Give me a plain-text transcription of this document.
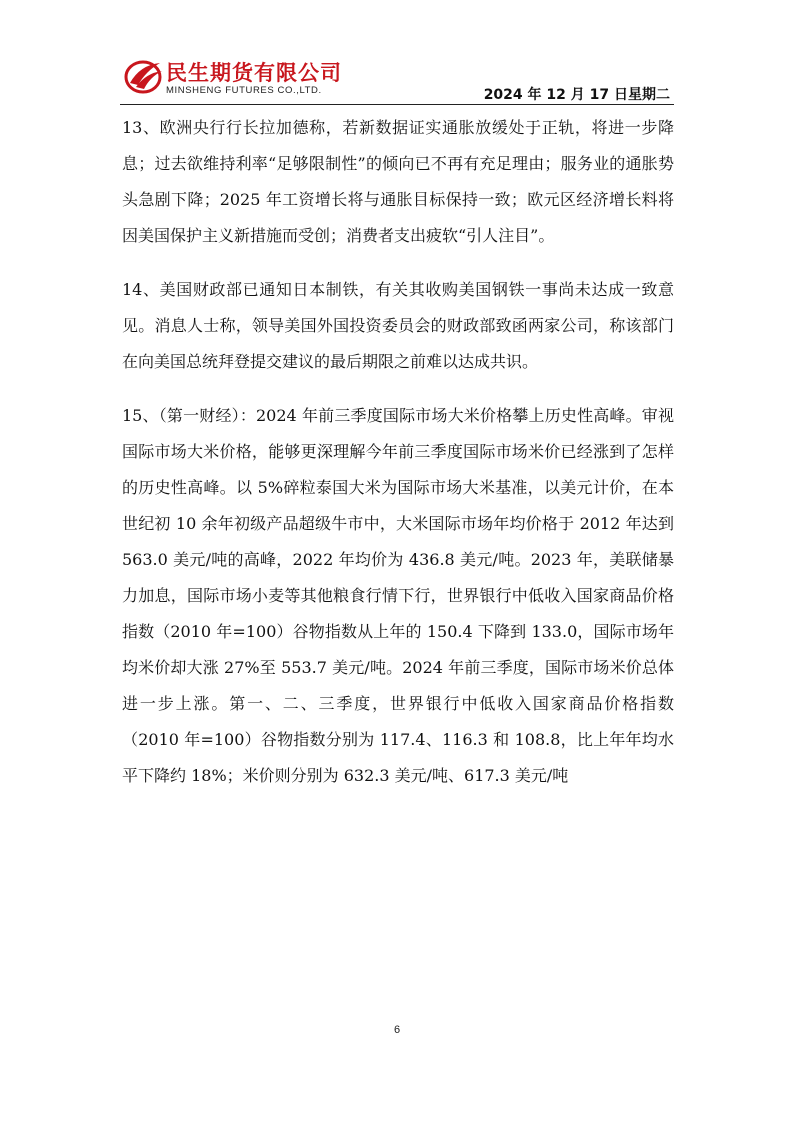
民生期货有限公司
MINSHENG FUTURES CO.,LTD.	2024 年 12 月 17 日星期二

13、欧洲央行行长拉加德称，若新数据证实通胀放缓处于正轨，将进一步降息；过去欲维持利率“足够限制性”的倾向已不再有充足理由；服务业的通胀势头急剧下降；2025 年工资增长将与通胀目标保持一致；欧元区经济增长料将因美国保护主义新措施而受创；消费者支出疲软“引人注目”。

14、美国财政部已通知日本制铁，有关其收购美国钢铁一事尚未达成一致意见。消息人士称，领导美国外国投资委员会的财政部致函两家公司，称该部门在向美国总统拜登提交建议的最后期限之前难以达成共识。

15、（第一财经）：2024 年前三季度国际市场大米价格攀上历史性高峰。审视国际市场大米价格，能够更深理解今年前三季度国际市场米价已经涨到了怎样的历史性高峰。以 5%碎粒泰国大米为国际市场大米基准，以美元计价，在本世纪初 10 余年初级产品超级牛市中，大米国际市场年均价格于 2012 年达到 563.0 美元/吨的高峰，2022 年均价为 436.8 美元/吨。2023 年，美联储暴力加息，国际市场小麦等其他粮食行情下行，世界银行中低收入国家商品价格指数（2010 年=100）谷物指数从上年的 150.4 下降到 133.0，国际市场年均米价却大涨 27%至 553.7 美元/吨。2024 年前三季度，国际市场米价总体进一步上涨。第一、二、三季度，世界银行中低收入国家商品价格指数（2010 年=100）谷物指数分别为 117.4、116.3 和 108.8，比上年年均水平下降约 18%；米价则分别为 632.3 美元/吨、617.3 美元/吨

6
